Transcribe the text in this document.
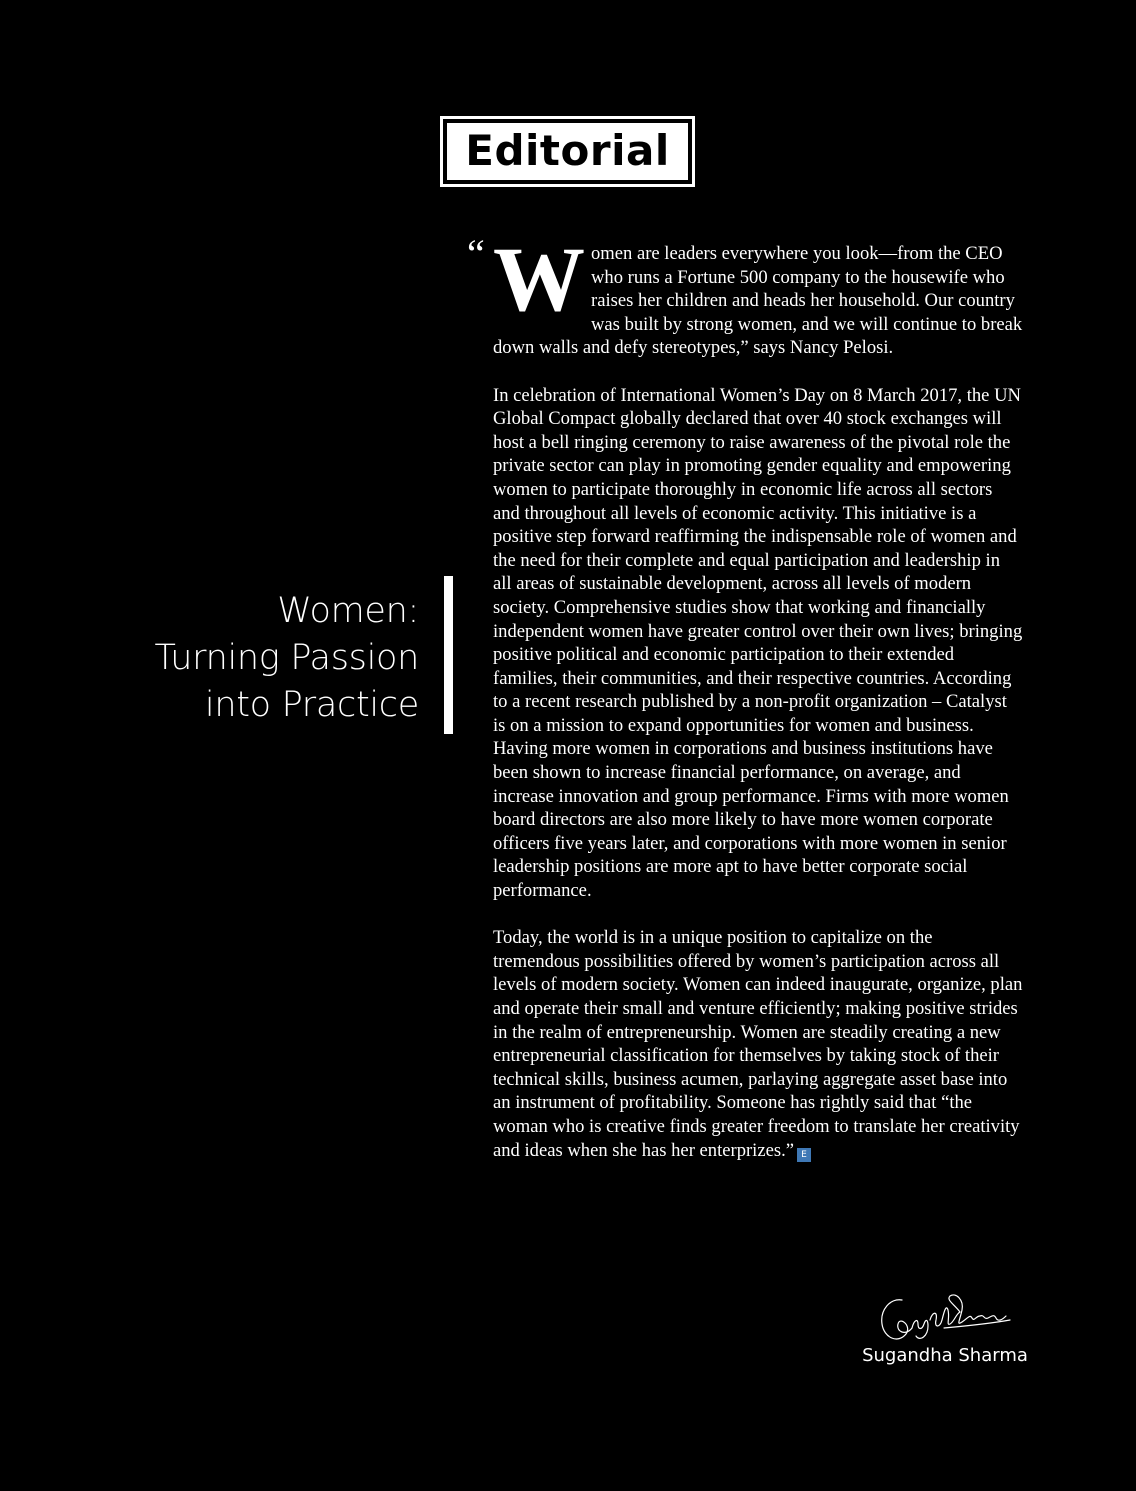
Editorial
Women:
Turning Passion
into Practice
“ Women are leaders everywhere you look—from the CEO who runs a Fortune 500 company to the housewife who raises her children and heads her household. Our country was built by strong women, and we will continue to break down walls and defy stereotypes,” says Nancy Pelosi.

In celebration of International Women’s Day on 8 March 2017, the UN Global Compact globally declared that over 40 stock exchanges will host a bell ringing ceremony to raise awareness of the pivotal role the private sector can play in promoting gender equality and empowering women to participate thoroughly in economic life across all sectors and throughout all levels of economic activity. This initiative is a positive step forward reaffirming the indispensable role of women and the need for their complete and equal participation and leadership in all areas of sustainable development, across all levels of modern society. Comprehensive studies show that working and financially independent women have greater control over their own lives; bringing positive political and economic participation to their extended families, their communities, and their respective countries. According to a recent research published by a non-profit organization – Catalyst is on a mission to expand opportunities for women and business. Having more women in corporations and business institutions have been shown to increase financial performance, on average, and increase innovation and group performance. Firms with more women board directors are also more likely to have more women corporate officers five years later, and corporations with more women in senior leadership positions are more apt to have better corporate social performance.

Today, the world is in a unique position to capitalize on the tremendous possibilities offered by women’s participation across all levels of modern society. Women can indeed inaugurate, organize, plan and operate their small and venture efficiently; making positive strides in the realm of entrepreneurship. Women are steadily creating a new entrepreneurial classification for themselves by taking stock of their technical skills, business acumen, parlaying aggregate asset base into an instrument of profitability. Someone has rightly said that “the woman who is creative finds greater freedom to translate her creativity and ideas when she has her enterprizes.” E

Sugandha Sharma
